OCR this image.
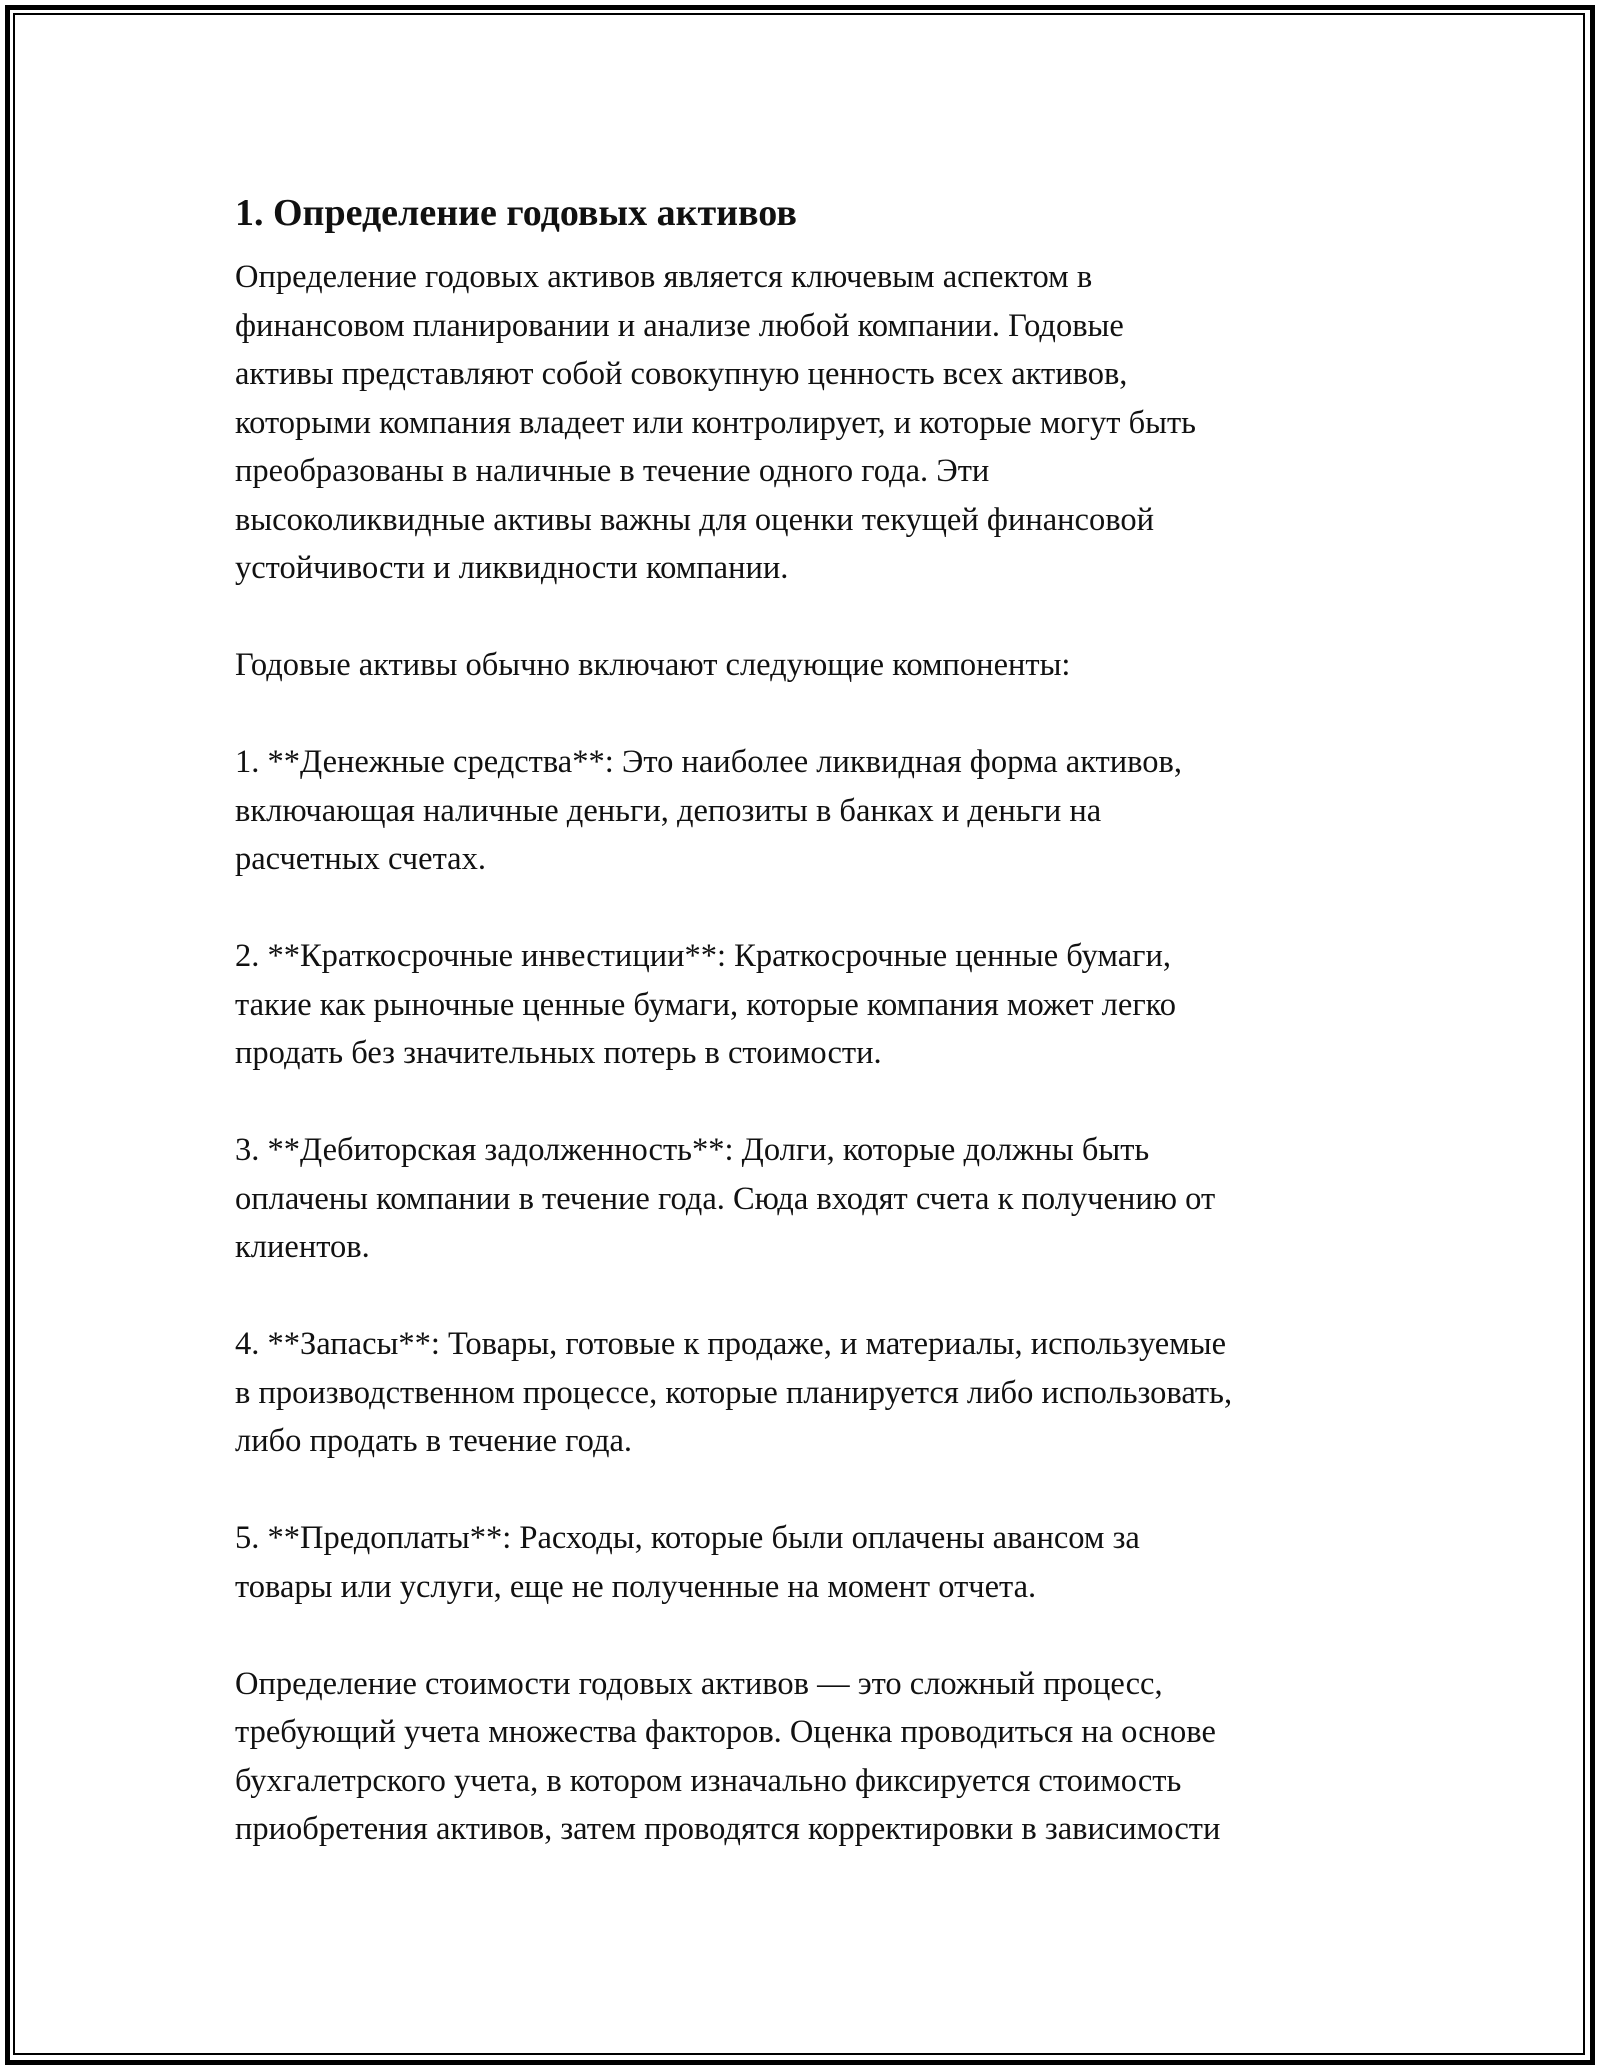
1. Определение годовых активов

Определение годовых активов является ключевым аспектом в
финансовом планировании и анализе любой компании. Годовые
активы представляют собой совокупную ценность всех активов,
которыми компания владеет или контролирует, и которые могут быть
преобразованы в наличные в течение одного года. Эти
высоколиквидные активы важны для оценки текущей финансовой
устойчивости и ликвидности компании.

Годовые активы обычно включают следующие компоненты:

1. **Денежные средства**: Это наиболее ликвидная форма активов,
включающая наличные деньги, депозиты в банках и деньги на
расчетных счетах.

2. **Краткосрочные инвестиции**: Краткосрочные ценные бумаги,
такие как рыночные ценные бумаги, которые компания может легко
продать без значительных потерь в стоимости.

3. **Дебиторская задолженность**: Долги, которые должны быть
оплачены компании в течение года. Сюда входят счета к получению от
клиентов.

4. **Запасы**: Товары, готовые к продаже, и материалы, используемые
в производственном процессе, которые планируется либо использовать,
либо продать в течение года.

5. **Предоплаты**: Расходы, которые были оплачены авансом за
товары или услуги, еще не полученные на момент отчета.

Определение стоимости годовых активов — это сложный процесс,
требующий учета множества факторов. Оценка проводиться на основе
бухгалетрского учета, в котором изначально фиксируется стоимость
приобретения активов, затем проводятся корректировки в зависимости
